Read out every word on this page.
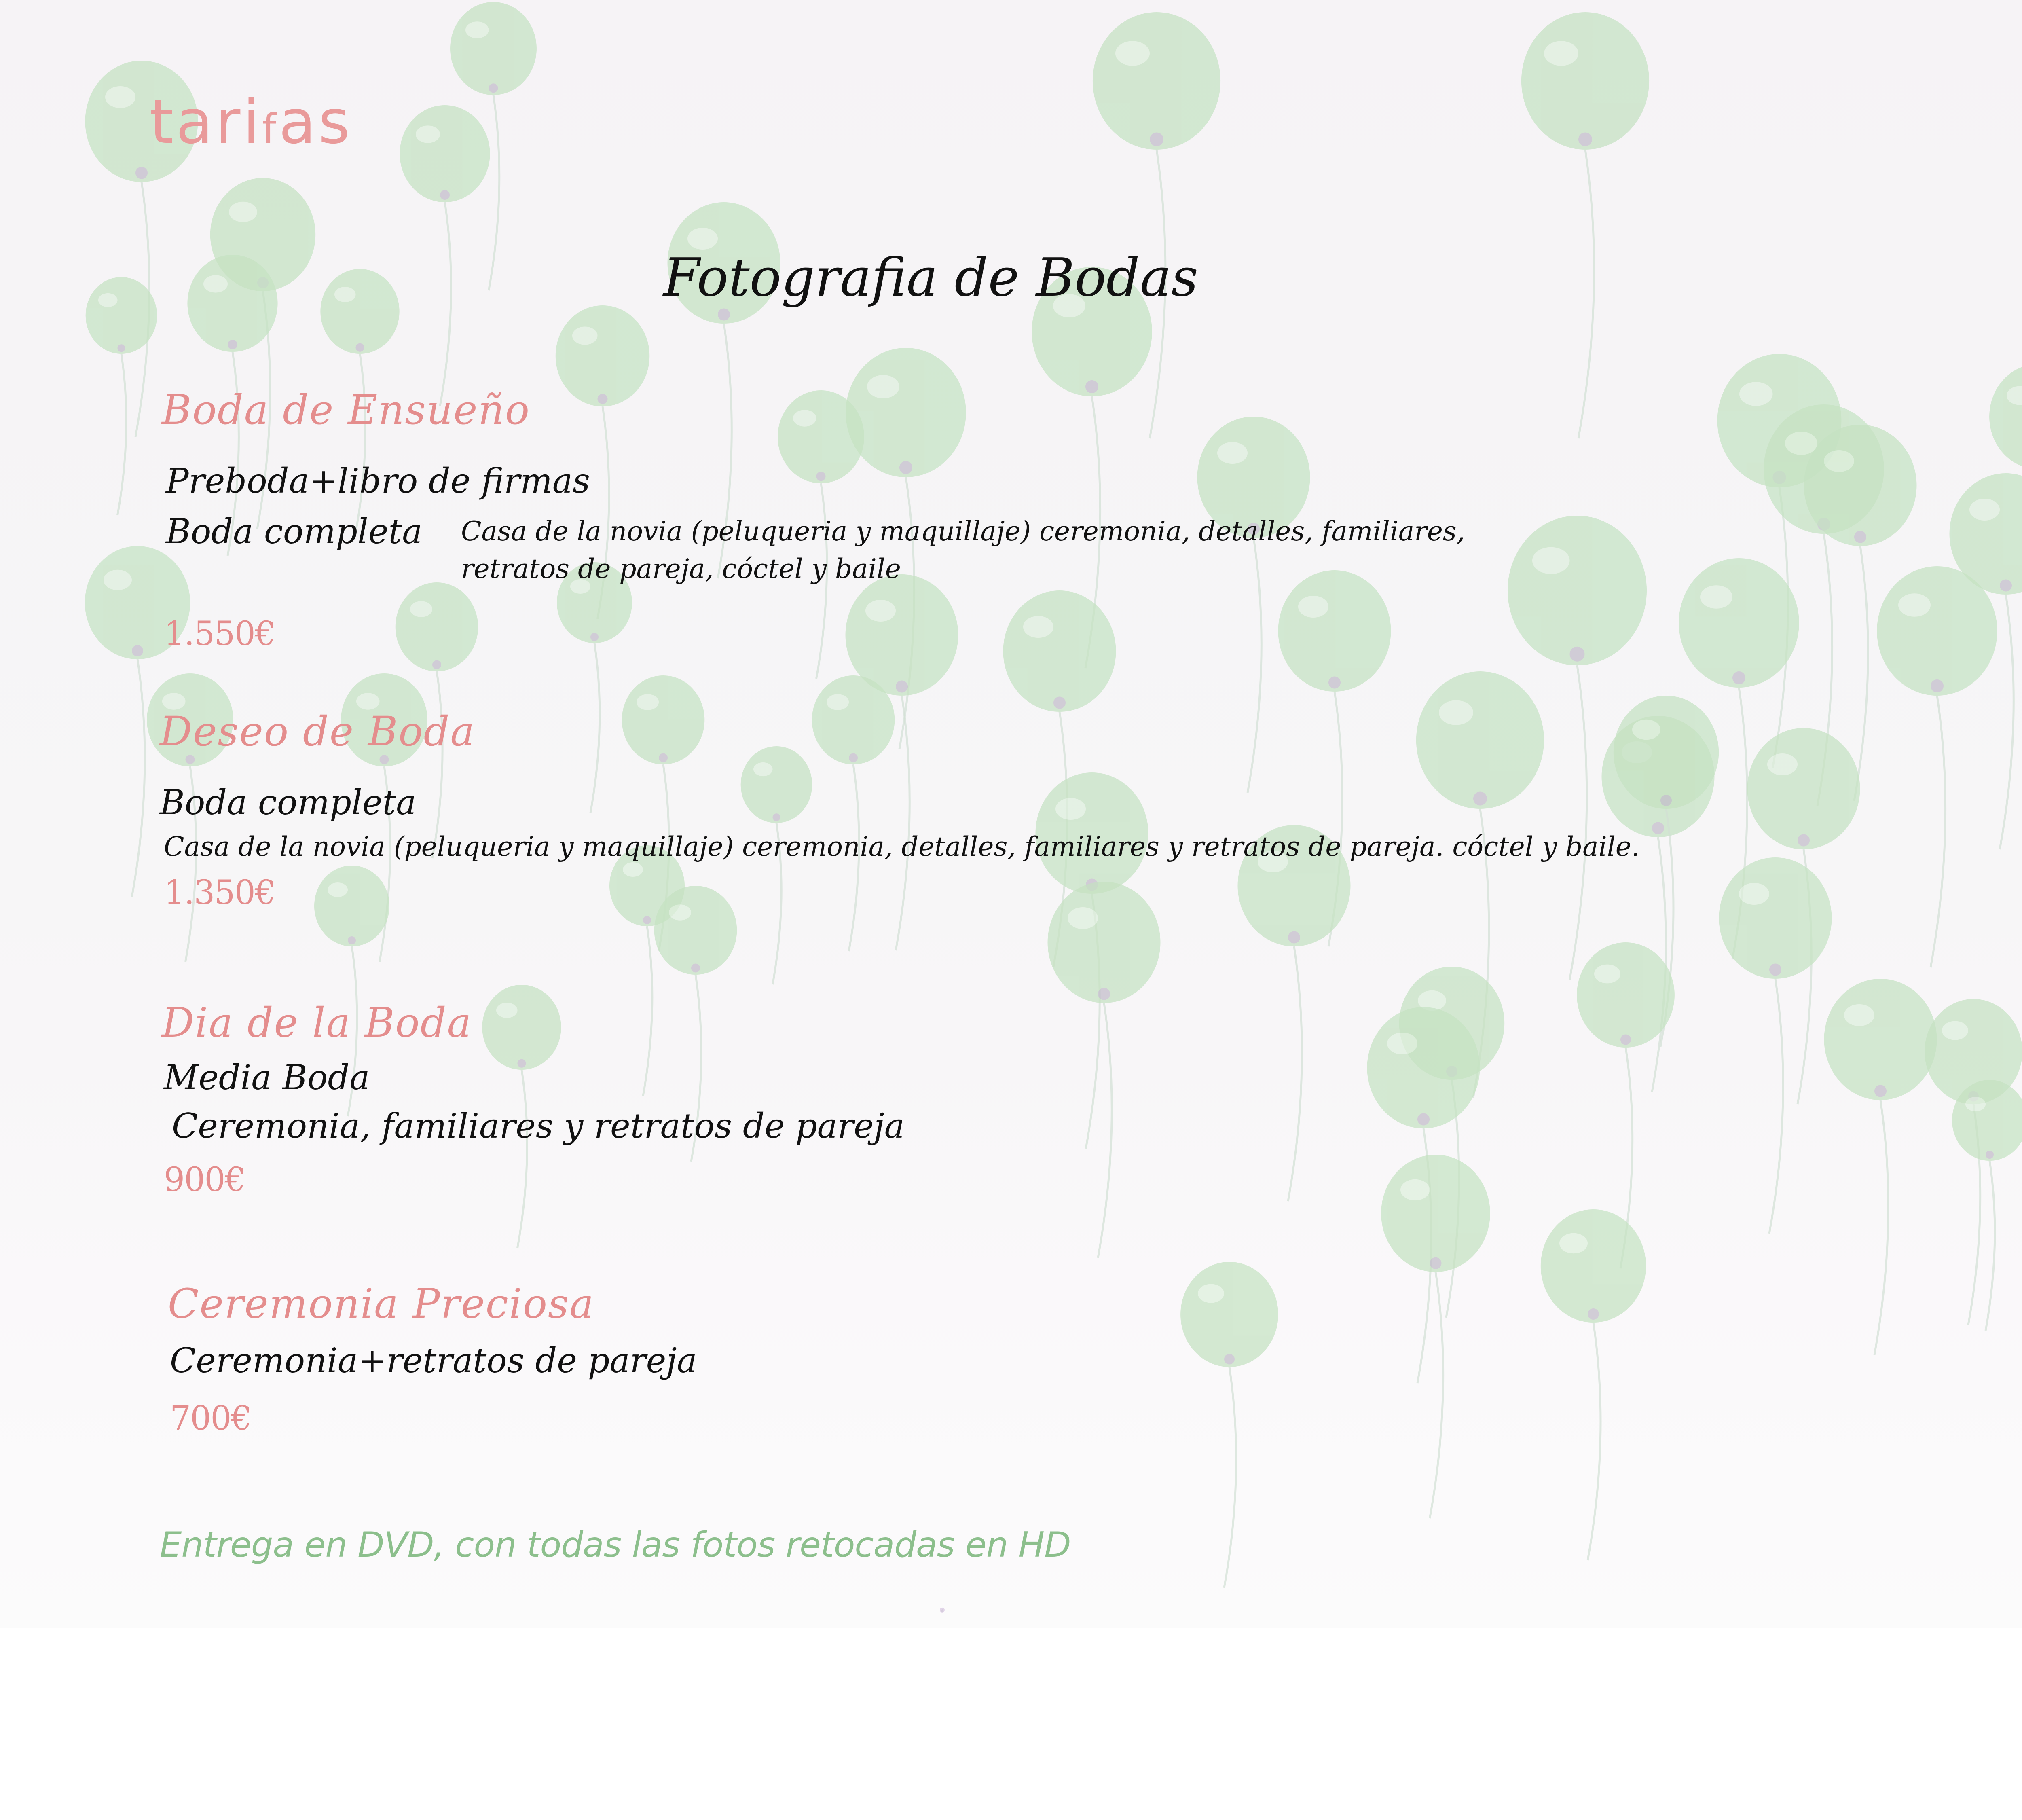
tarifas
Fotografia de Bodas
Boda de Ensueño
Preboda+libro de firmas
Boda completa Casa de la novia (peluqueria y maquillaje) ceremonia, detalles, familiares,
retratos de pareja, cóctel y baile
1.550€
Deseo de Boda
Boda completa
Casa de la novia (peluqueria y maquillaje) ceremonia, detalles, familiares y retratos de pareja. cóctel y baile.
1.350€
Dia de la Boda
Media Boda
Ceremonia, familiares y retratos de pareja
900€
Ceremonia Preciosa
Ceremonia+retratos de pareja
700€
Entrega en DVD, con todas las fotos retocadas en HD
